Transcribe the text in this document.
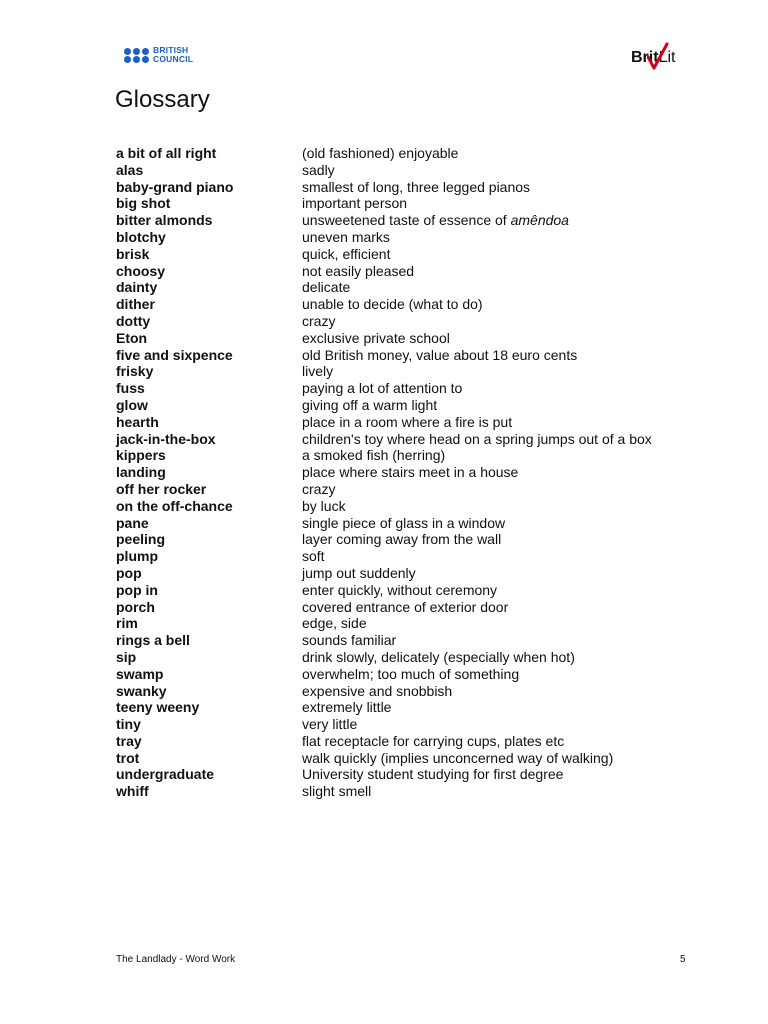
BRITISH
COUNCIL	BritLit
Glossary
a bit of all right	(old fashioned) enjoyable
alas	sadly
baby-grand piano	smallest of long, three legged pianos
big shot	important person
bitter almonds	unsweetened taste of essence of amêndoa
blotchy	uneven marks
brisk	quick, efficient
choosy	not easily pleased
dainty	delicate
dither	unable to decide (what to do)
dotty	crazy
Eton	exclusive private school
five and sixpence	old British money, value about 18 euro cents
frisky	lively
fuss	paying a lot of attention to
glow	giving off a warm light
hearth	place in a room where a fire is put
jack-in-the-box	children's toy where head on a spring jumps out of a box
kippers	a smoked fish (herring)
landing	place where stairs meet in a house
off her rocker	crazy
on the off-chance	by luck
pane	single piece of glass in a window
peeling	layer coming away from the wall
plump	soft
pop	jump out suddenly
pop in	enter quickly, without ceremony
porch	covered entrance of exterior door
rim	edge, side
rings a bell	sounds familiar
sip	drink slowly, delicately (especially when hot)
swamp	overwhelm; too much of something
swanky	expensive and snobbish
teeny weeny	extremely little
tiny	very little
tray	flat receptacle for carrying cups, plates etc
trot	walk quickly (implies unconcerned way of walking)
undergraduate	University student studying for first degree
whiff	slight smell
The Landlady - Word Work	5
